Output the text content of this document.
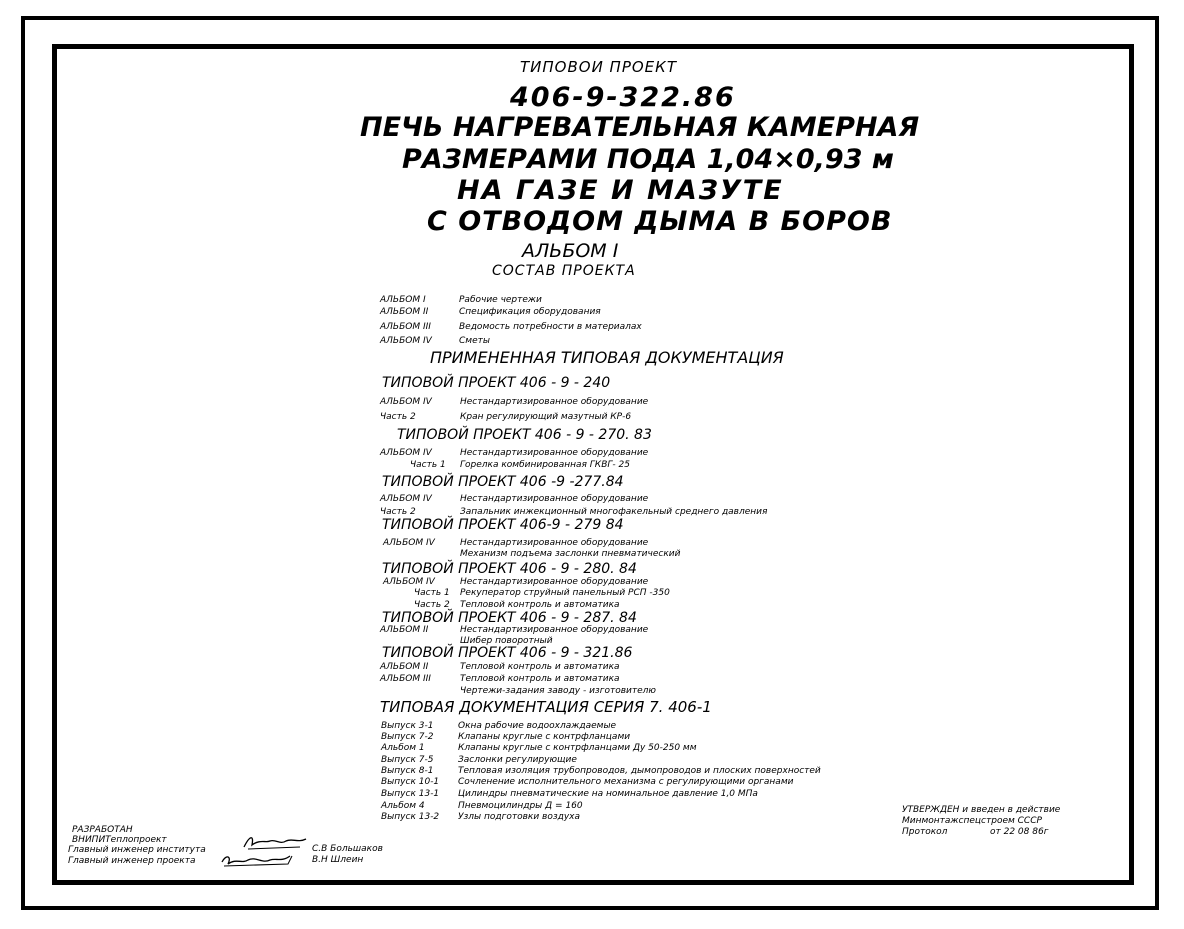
ТИПОВОИ ПРОЕКТ
406-9-322.86
ПЕЧЬ НАГРЕВАТЕЛЬНАЯ КАМЕРНАЯ
РАЗМЕРАМИ ПОДА 1,04×0,93 м
НА ГАЗЕ И МАЗУТЕ
С ОТВОДОМ ДЫМА В БОРОВ
АЛЬБОМ I
СОСТАВ ПРОЕКТА
АЛЬБОМ I	Рабочие чертежи
АЛЬБОМ II	Спецификация оборудования
АЛЬБОМ III	Ведомость потребности в материалах
АЛЬБОМ IV	Сметы
ПРИМЕНЕННАЯ ТИПОВАЯ ДОКУМЕНТАЦИЯ
ТИПОВОЙ ПРОЕКТ 406 - 9 - 240
АЛЬБОМ IV	Нестандартизированное оборудование
Часть 2	Кран регулирующий мазутный КР-6
ТИПОВОЙ ПРОЕКТ 406 - 9 - 270. 83
АЛЬБОМ IV	Нестандартизированное оборудование
Часть 1 Горелка комбинированная ГКВГ- 25
ТИПОВОЙ ПРОЕКТ 406 -9 -277.84
АЛЬБОМ IV	Нестандартизированное оборудование
Часть 2	Запальник инжекционный многофакельный среднего давления
ТИПОВОЙ ПРОЕКТ 406-9 - 279 84
АЛЬБОМ IV	Нестандартизированное оборудование
Механизм подъема заслонки пневматический
ТИПОВОЙ ПРОЕКТ 406 - 9 - 280. 84
АЛЬБОМ IV	Нестандартизированное оборудование
Часть 1 Рекуператор струйный панельный РСП -350
Часть 2 Тепловой контроль и автоматика
ТИПОВОЙ ПРОЕКТ 406 - 9 - 287. 84
АЛЬБОМ II	Нестандартизированное оборудование
Шибер поворотный
ТИПОВОЙ ПРОЕКТ 406 - 9 - 321.86
АЛЬБОМ II	Тепловой контроль и автоматика
АЛЬБОМ III	Тепловой контроль и автоматика
Чертежи-задания заводу - изготовителю
ТИПОВАЯ ДОКУМЕНТАЦИЯ СЕРИЯ 7. 406-1
Выпуск 3-1	Окна рабочие водоохлаждаемые
Выпуск 7-2	Клапаны круглые с контрфланцами
Альбом 1	Клапаны круглые с контрфланцами Ду 50-250 мм
Выпуск 7-5	Заслонки регулирующие
Выпуск 8-1	Тепловая изоляция трубопроводов, дымопроводов и плоских поверхностей
Выпуск 10-1 Сочленение исполнительного механизма с регулирующими органами
Выпуск 13-1 Цилиндры пневматические на номинальное давление 1,0 МПа
Альбом 4	Пневмоцилиндры Д = 160
Выпуск 13-2 Узлы подготовки воздуха
УТВЕРЖДЕН и введен в действие
Минмонтажспецстроем СССР
Протокол	от 22 08 86г
РАЗРАБОТАН
ВНИПИТеплопроект
Главный инженер института
Главный инженер проекта
С.В Большаков
В.Н Шлеин
